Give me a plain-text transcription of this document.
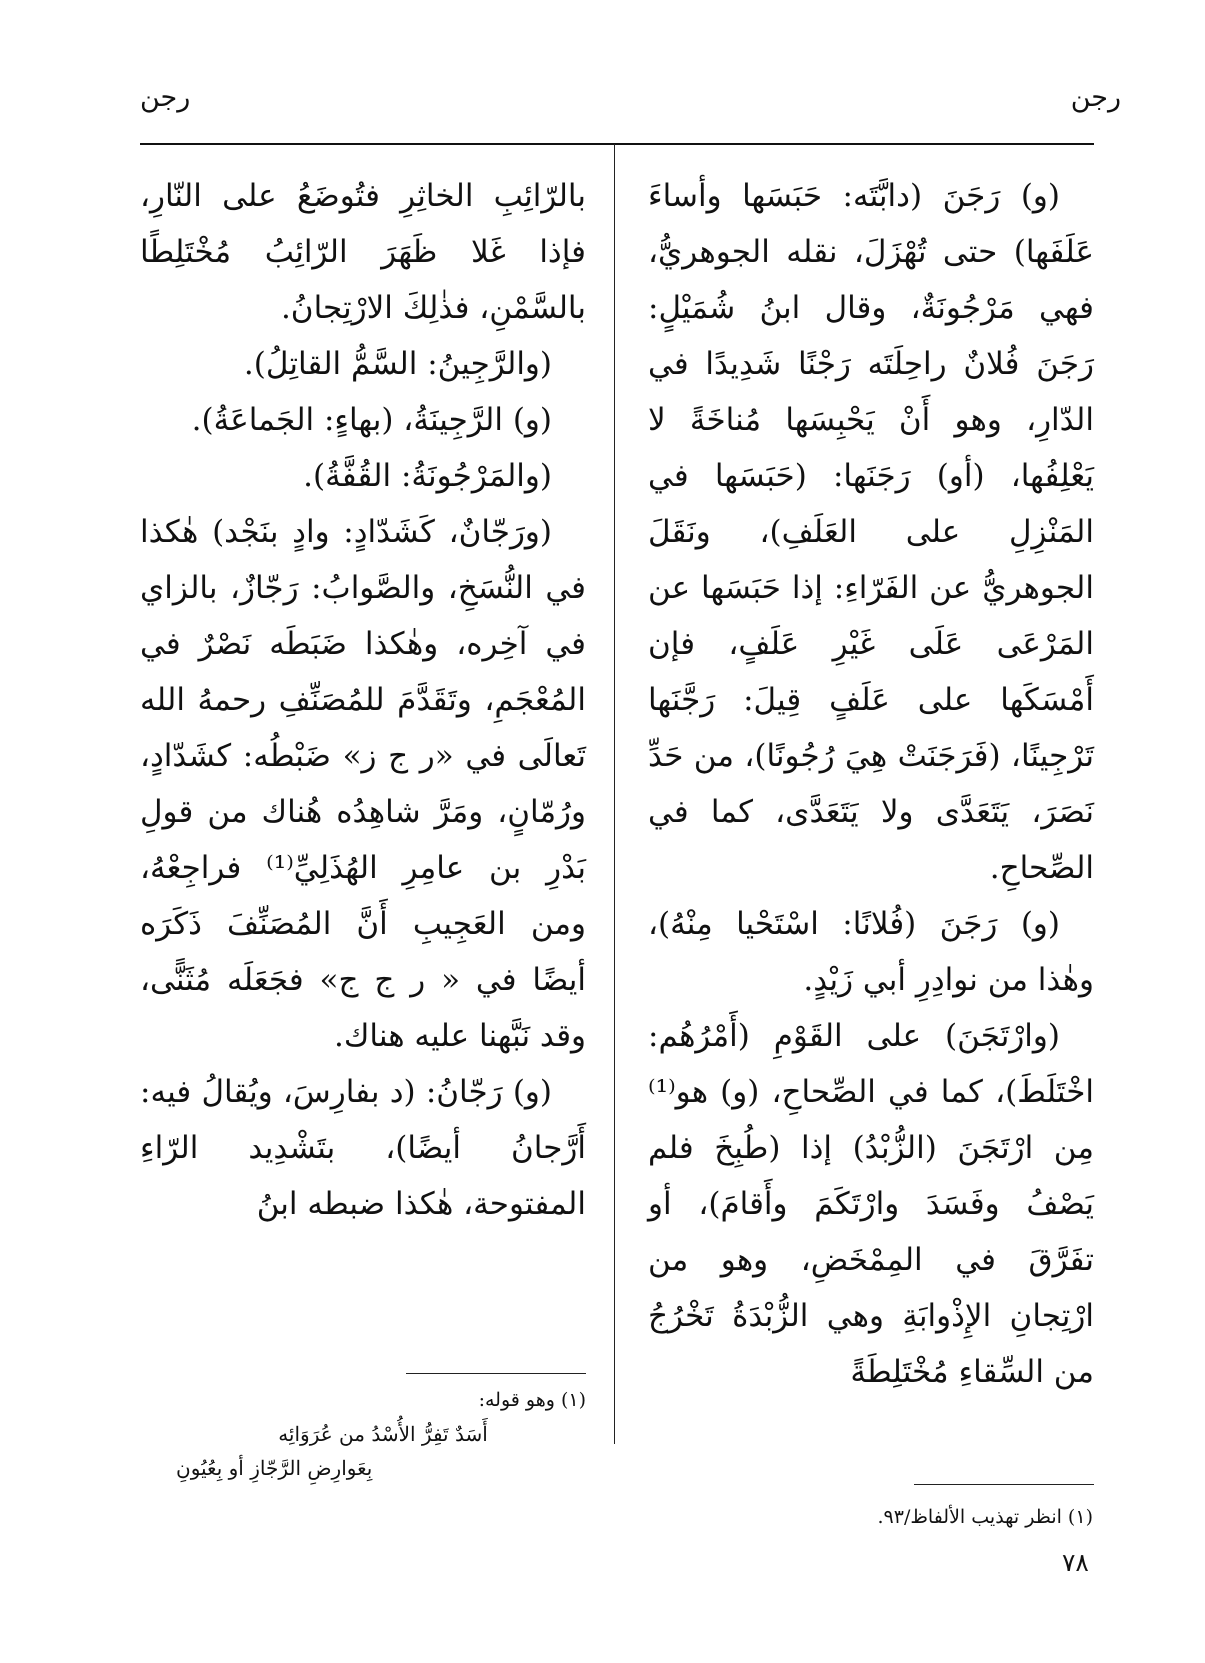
رجن
رجن

(و) رَجَنَ (دابَّتَه: حَبَسَها وأساءَ عَلَفَها) حتى تُهْزَلَ، نقله الجوهريُّ، فهي مَرْجُونَةٌ، وقال ابنُ شُمَيْلٍ: رَجَنَ فُلانٌ راحِلَتَه رَجْنًا شَدِيدًا في الدّارِ، وهو أَنْ يَحْبِسَها مُناخَةً لا يَعْلِفُها، (أو) رَجَنَها: (حَبَسَها في المَنْزِلِ على العَلَفِ)، ونَقَلَ الجوهريُّ عن الفَرّاءِ: إذا حَبَسَها عن المَرْعَى عَلَى غَيْرِ عَلَفٍ، فإن أَمْسَكَها على عَلَفٍ قِيلَ: رَجَّنَها تَرْجِينًا، (فَرَجَنَتْ هِيَ رُجُونًا)، من حَدِّ نَصَرَ، يَتَعَدَّى ولا يَتَعَدَّى، كما في الصِّحاحِ.

(و) رَجَنَ (فُلانًا: اسْتَحْيا مِنْهُ)، وهٰذا من نوادِرِ أبي زَيْدٍ.

(وارْتَجَنَ) على القَوْمِ (أَمْرُهُم: اخْتَلَطَ)، كما في الصِّحاحِ، (و) هو⁽¹⁾ مِن ارْتَجَنَ (الزُّبْدُ) إذا (طُبِخَ فلم يَصْفُ وفَسَدَ وارْتَكَمَ وأَقامَ)، أو تفَرَّقَ في المِمْخَضِ، وهو من ارْتِجانِ الإِذْوابَةِ وهي الزُّبْدَةُ تَخْرُجُ من السِّقاءِ مُخْتَلِطَةً

بالرّائِبِ الخاثِرِ فتُوضَعُ على النّارِ، فإذا غَلا ظَهَرَ الرّائِبُ مُخْتَلِطًا بالسَّمْنِ، فذٰلِكَ الارْتِجانُ.

(والرَّجِينُ: السَّمُّ القاتِلُ).

(و) الرَّجِينَةُ، (بهاءٍ: الجَماعَةُ).

(والمَرْجُونَةُ: القُفَّةُ).

(ورَجّانٌ، كَشَدّادٍ: وادٍ بنَجْد) هٰكذا في النُّسَخِ، والصَّوابُ: رَجّازٌ، بالزاي في آخِره، وهٰكذا ضَبَطَه نَصْرٌ في المُعْجَمِ، وتَقَدَّمَ للمُصَنِّفِ رحمهُ الله تَعالَى في «ر ج ز» ضَبْطُه: كشَدّادٍ، ورُمّانٍ، ومَرَّ شاهِدُه هُناك من قولِ بَدْرِ بن عامِرِ الهُذَلِيِّ⁽¹⁾ فراجِعْهُ، ومن العَجِيبِ أَنَّ المُصَنِّفَ ذَكَرَه أيضًا في « ر ج ج» فجَعَلَه مُثَنًّى، وقد نَبَّهنا عليه هناك.

(و) رَجّانُ: (د بفارِسَ، ويُقالُ فيه: أَرَّجانُ أيضًا)، بتَشْدِيد الرّاءِ المفتوحة، هٰكذا ضبطه ابنُ

(١) انظر تهذيب الألفاظ/٩٣.
(١) وهو قوله:
أَسَدٌ تَفِرُّ الأُسْدُ من عُرَوَائِه
بِعَوارِضِ الرَّجّازِ أو بِعُيُونِ
٧٨
